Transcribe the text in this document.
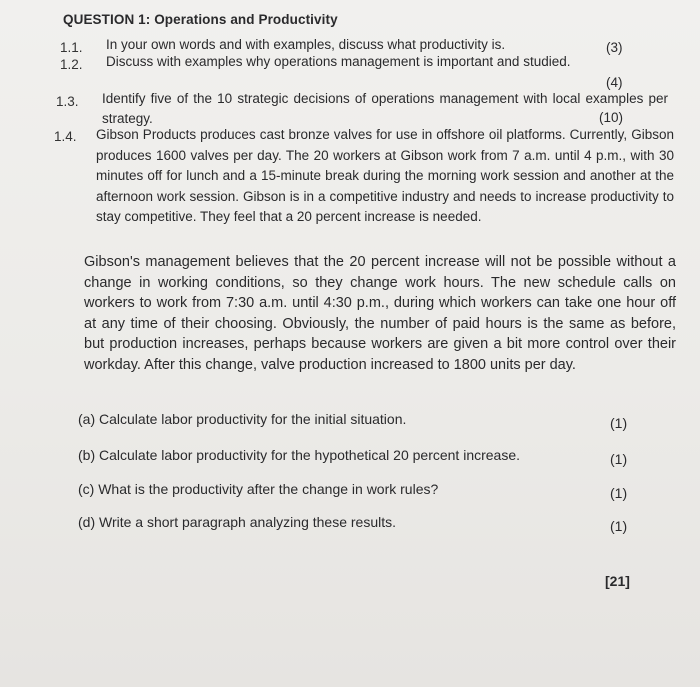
QUESTION 1: Operations and Productivity
1.1. In your own words and with examples, discuss what productivity is.	(3)
1.2. Discuss with examples why operations management is important and studied.
(4)
1.3. Identify five of the 10 strategic decisions of operations management with local examples per strategy.	(10)
1.4. Gibson Products produces cast bronze valves for use in offshore oil platforms. Currently, Gibson produces 1600 valves per day. The 20 workers at Gibson work from 7 a.m. until 4 p.m., with 30 minutes off for lunch and a 15-minute break during the morning work session and another at the afternoon work session. Gibson is in a competitive industry and needs to increase productivity to stay competitive. They feel that a 20 percent increase is needed.
Gibson's management believes that the 20 percent increase will not be possible without a change in working conditions, so they change work hours. The new schedule calls on workers to work from 7:30 a.m. until 4:30 p.m., during which workers can take one hour off at any time of their choosing. Obviously, the number of paid hours is the same as before, but production increases, perhaps because workers are given a bit more control over their workday. After this change, valve production increased to 1800 units per day.
(a) Calculate labor productivity for the initial situation.	(1)
(b) Calculate labor productivity for the hypothetical 20 percent increase.	(1)
(c) What is the productivity after the change in work rules?	(1)
(d) Write a short paragraph analyzing these results.	(1)
[21]
